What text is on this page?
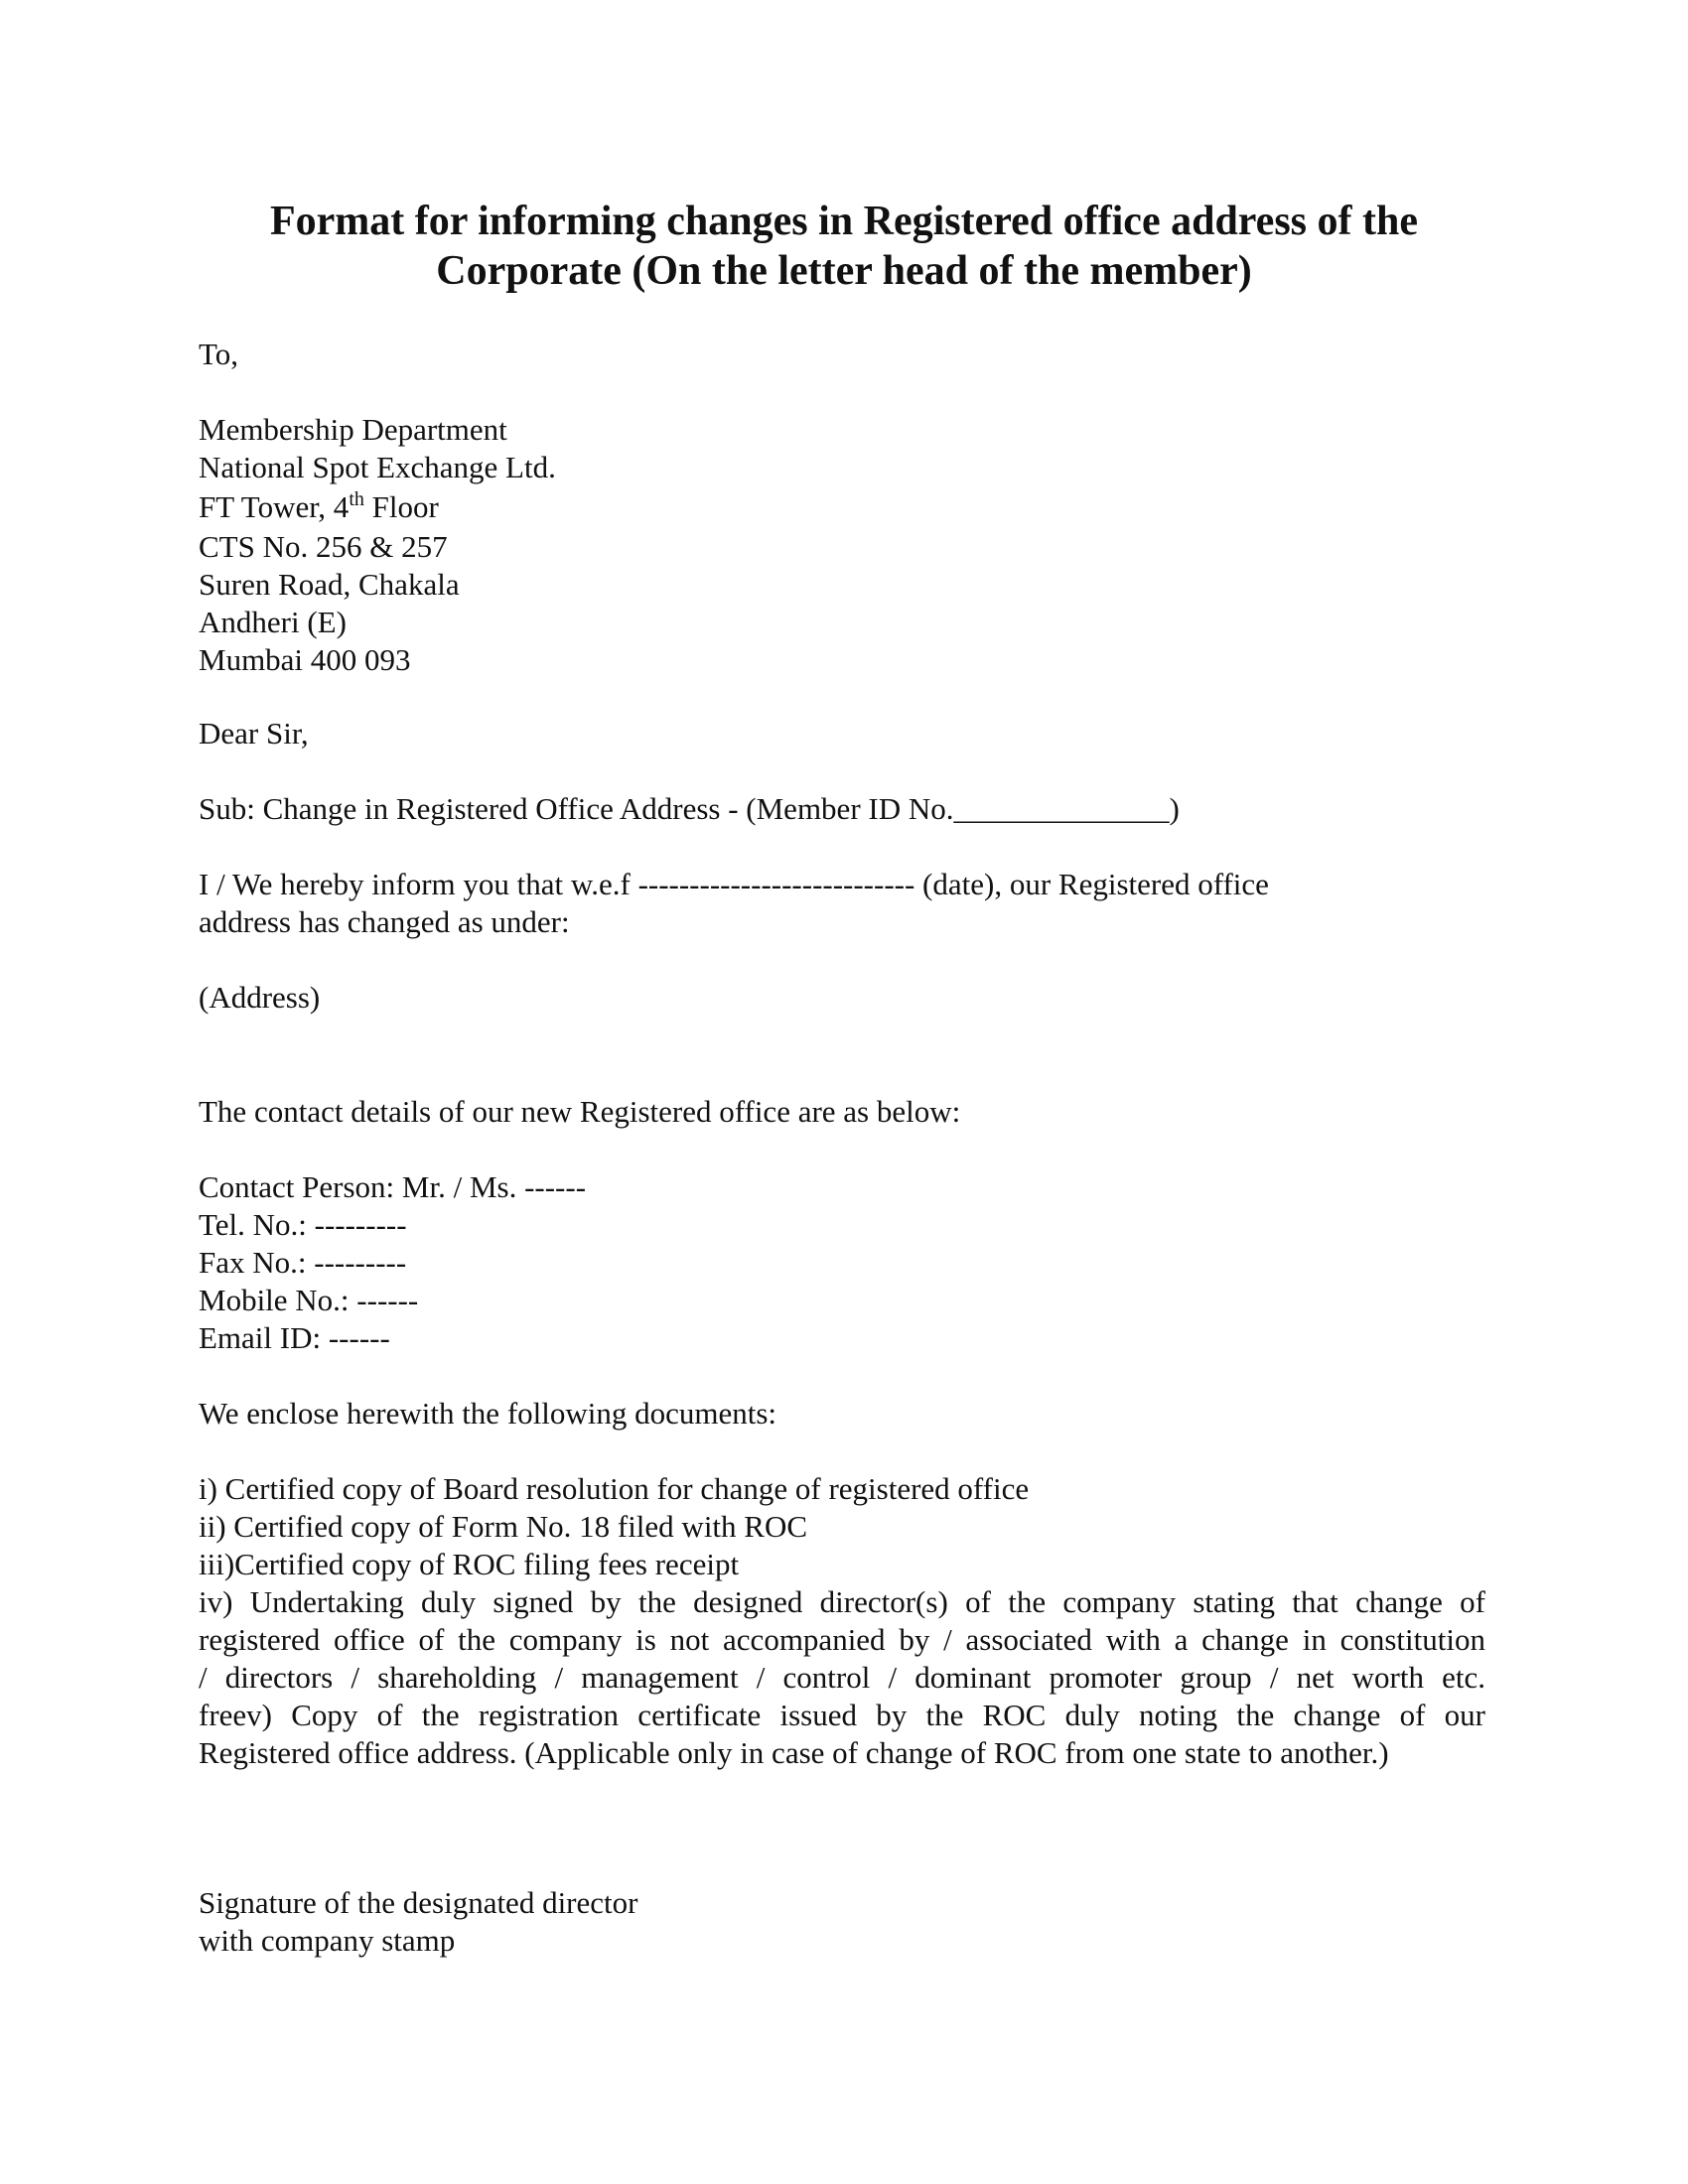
Format for informing changes in Registered office address of the
Corporate (On the letter head of the member)
To,
Membership Department
National Spot Exchange Ltd.
FT Tower, 4th Floor
CTS No. 256 & 257
Suren Road, Chakala
Andheri (E)
Mumbai 400 093
Dear Sir,
Sub: Change in Registered Office Address - (Member ID No.______________)
I / We hereby inform you that w.e.f --------------------------- (date), our Registered office
address has changed as under:
(Address)
The contact details of our new Registered office are as below:
Contact Person: Mr. / Ms. ------
Tel. No.: ---------
Fax No.: ---------
Mobile No.: ------
Email ID: ------
We enclose herewith the following documents:
i) Certified copy of Board resolution for change of registered office
ii) Certified copy of Form No. 18 filed with ROC
iii)Certified copy of ROC filing fees receipt
iv) Undertaking duly signed by the designed director(s) of the company stating that change of
registered office of the company is not accompanied by / associated with a change in constitution
/ directors / shareholding / management / control / dominant promoter group / net worth etc.
freev) Copy of the registration certificate issued by the ROC duly noting the change of our
Registered office address. (Applicable only in case of change of ROC from one state to another.)
Signature of the designated director
with company stamp
